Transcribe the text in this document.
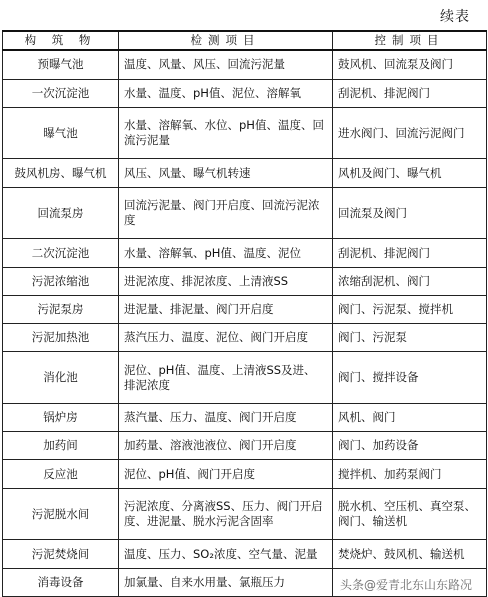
续表
构 筑 物	检测项目	控制项目
预曝气池	温度、风量、风压、回流污泥量	鼓风机、回流泵及阀门
一次沉淀池	水量、温度、pH值、泥位、溶解氧	刮泥机、排泥阀门
曝气池	水量、溶解氧、水位、pH值、温度、回流污泥量	进水阀门、回流污泥阀门
鼓风机房、曝气机	风压、风量、曝气机转速	风机及阀门、曝气机
回流泵房	回流污泥量、阀门开启度、回流污泥浓度	回流泵及阀门
二次沉淀池	水量、溶解氧、pH值、温度、泥位	刮泥机、排泥阀门
污泥浓缩池	进泥浓度、排泥浓度、上清液SS	浓缩刮泥机、阀门
污泥泵房	进泥量、排泥量、阀门开启度	阀门、污泥泵、搅拌机
污泥加热池	蒸汽压力、温度、泥位、阀门开启度	阀门、污泥泵
消化池	泥位、pH值、温度、上清液SS及进、排泥浓度	阀门、搅拌设备
锅炉房	蒸汽量、压力、温度、阀门开启度	风机、阀门
加药间	加药量、溶液池液位、阀门开启度	阀门、加药设备
反应池	泥位、pH值、阀门开启度	搅拌机、加药泵阀门
污泥脱水间	污泥浓度、分离液SS、压力、阀门开启度、进泥量、脱水污泥含固率	脱水机、空压机、真空泵、阀门、输送机
污泥焚烧间	温度、压力、SO₂浓度、空气量、泥量	焚烧炉、鼓风机、输送机
消毒设备	加氯量、自来水用量、氯瓶压力		头条@爱青北东山东路况
